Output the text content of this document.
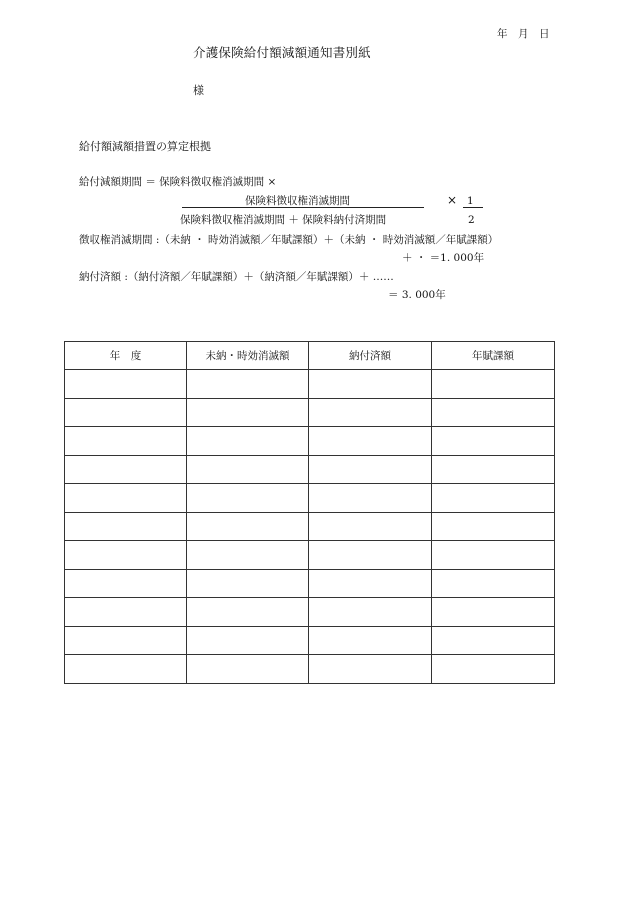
年　月　日
介護保険給付額減額通知書別紙
様
給付額減額措置の算定根拠
給付減額期間 ＝ 保険料徴収権消滅期間 ×
保険料徴収権消滅期間	× 1
保険料徴収権消滅期間 ＋ 保険料納付済期間	2
徴収権消滅期間 :（未納 ・ 時効消滅額／年賦課額）＋（未納 ・ 時効消滅額／年賦課額）
＋ ・ ＝1. 000年
納付済額 :（納付済額／年賦課額）＋（納済額／年賦課額）＋ ……
＝ 3. 000年
年　度	未納・時効消滅額	納付済額	年賦課額
